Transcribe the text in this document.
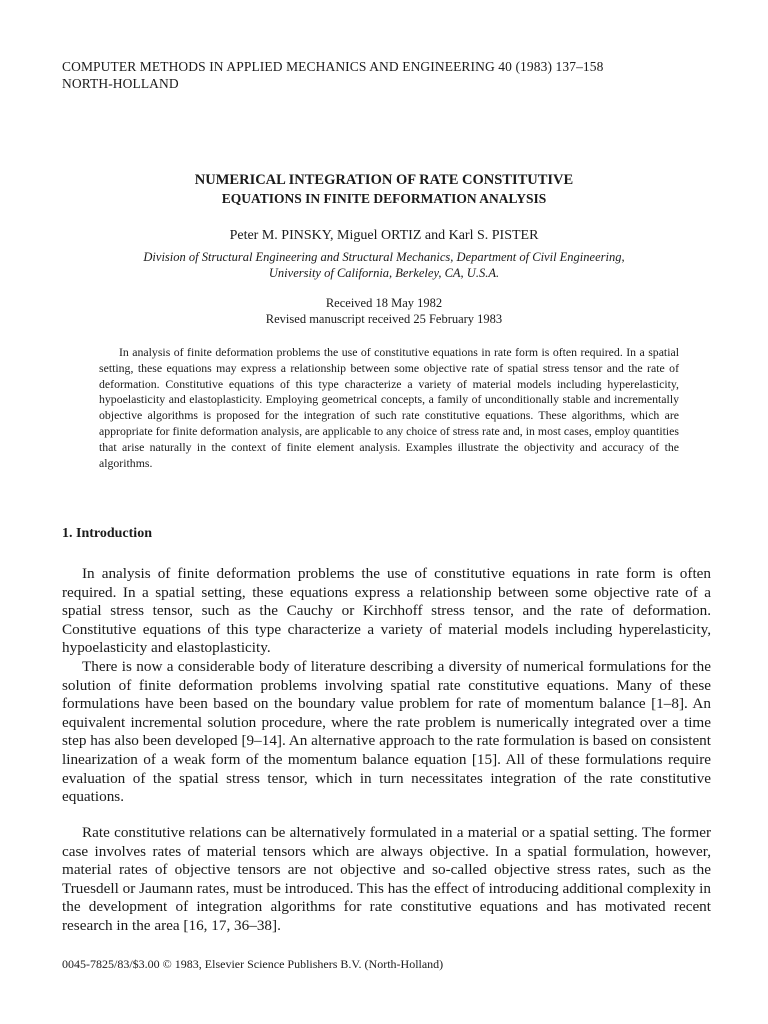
COMPUTER METHODS IN APPLIED MECHANICS AND ENGINEERING 40 (1983) 137–158
NORTH-HOLLAND
NUMERICAL INTEGRATION OF RATE CONSTITUTIVE
EQUATIONS IN FINITE DEFORMATION ANALYSIS
Peter M. PINSKY, Miguel ORTIZ and Karl S. PISTER
Division of Structural Engineering and Structural Mechanics, Department of Civil Engineering,
University of California, Berkeley, CA, U.S.A.
Received 18 May 1982
Revised manuscript received 25 February 1983

In analysis of finite deformation problems the use of constitutive equations in rate form is often required. In a spatial setting, these equations may express a relationship between some objective rate of spatial stress tensor and the rate of deformation. Constitutive equations of this type characterize a variety of material models including hyperelasticity, hypoelasticity and elastoplasticity. Employing geometrical concepts, a family of unconditionally stable and incrementally objective algorithms is proposed for the integration of such rate constitutive equations. These algorithms, which are appropriate for finite deformation analysis, are applicable to any choice of stress rate and, in most cases, employ quantities that arise naturally in the context of finite element analysis. Examples illustrate the objectivity and accuracy of the algorithms.

1. Introduction

In analysis of finite deformation problems the use of constitutive equations in rate form is often required. In a spatial setting, these equations express a relationship between some objective rate of a spatial stress tensor, such as the Cauchy or Kirchhoff stress tensor, and the rate of deformation. Constitutive equations of this type characterize a variety of material models including hyperelasticity, hypoelasticity and elastoplasticity.

There is now a considerable body of literature describing a diversity of numerical formulations for the solution of finite deformation problems involving spatial rate constitutive equations. Many of these formulations have been based on the boundary value problem for rate of momentum balance [1–8]. An equivalent incremental solution procedure, where the rate problem is numerically integrated over a time step has also been developed [9–14]. An alternative approach to the rate formulation is based on consistent linearization of a weak form of the momentum balance equation [15]. All of these formulations require evaluation of the spatial stress tensor, which in turn necessitates integration of the rate constitutive equations.

Rate constitutive relations can be alternatively formulated in a material or a spatial setting. The former case involves rates of material tensors which are always objective. In a spatial formulation, however, material rates of objective tensors are not objective and so-called objective stress rates, such as the Truesdell or Jaumann rates, must be introduced. This has the effect of introducing additional complexity in the development of integration algorithms for rate constitutive equations and has motivated recent research in the area [16, 17, 36–38].

0045-7825/83/$3.00 © 1983, Elsevier Science Publishers B.V. (North-Holland)
